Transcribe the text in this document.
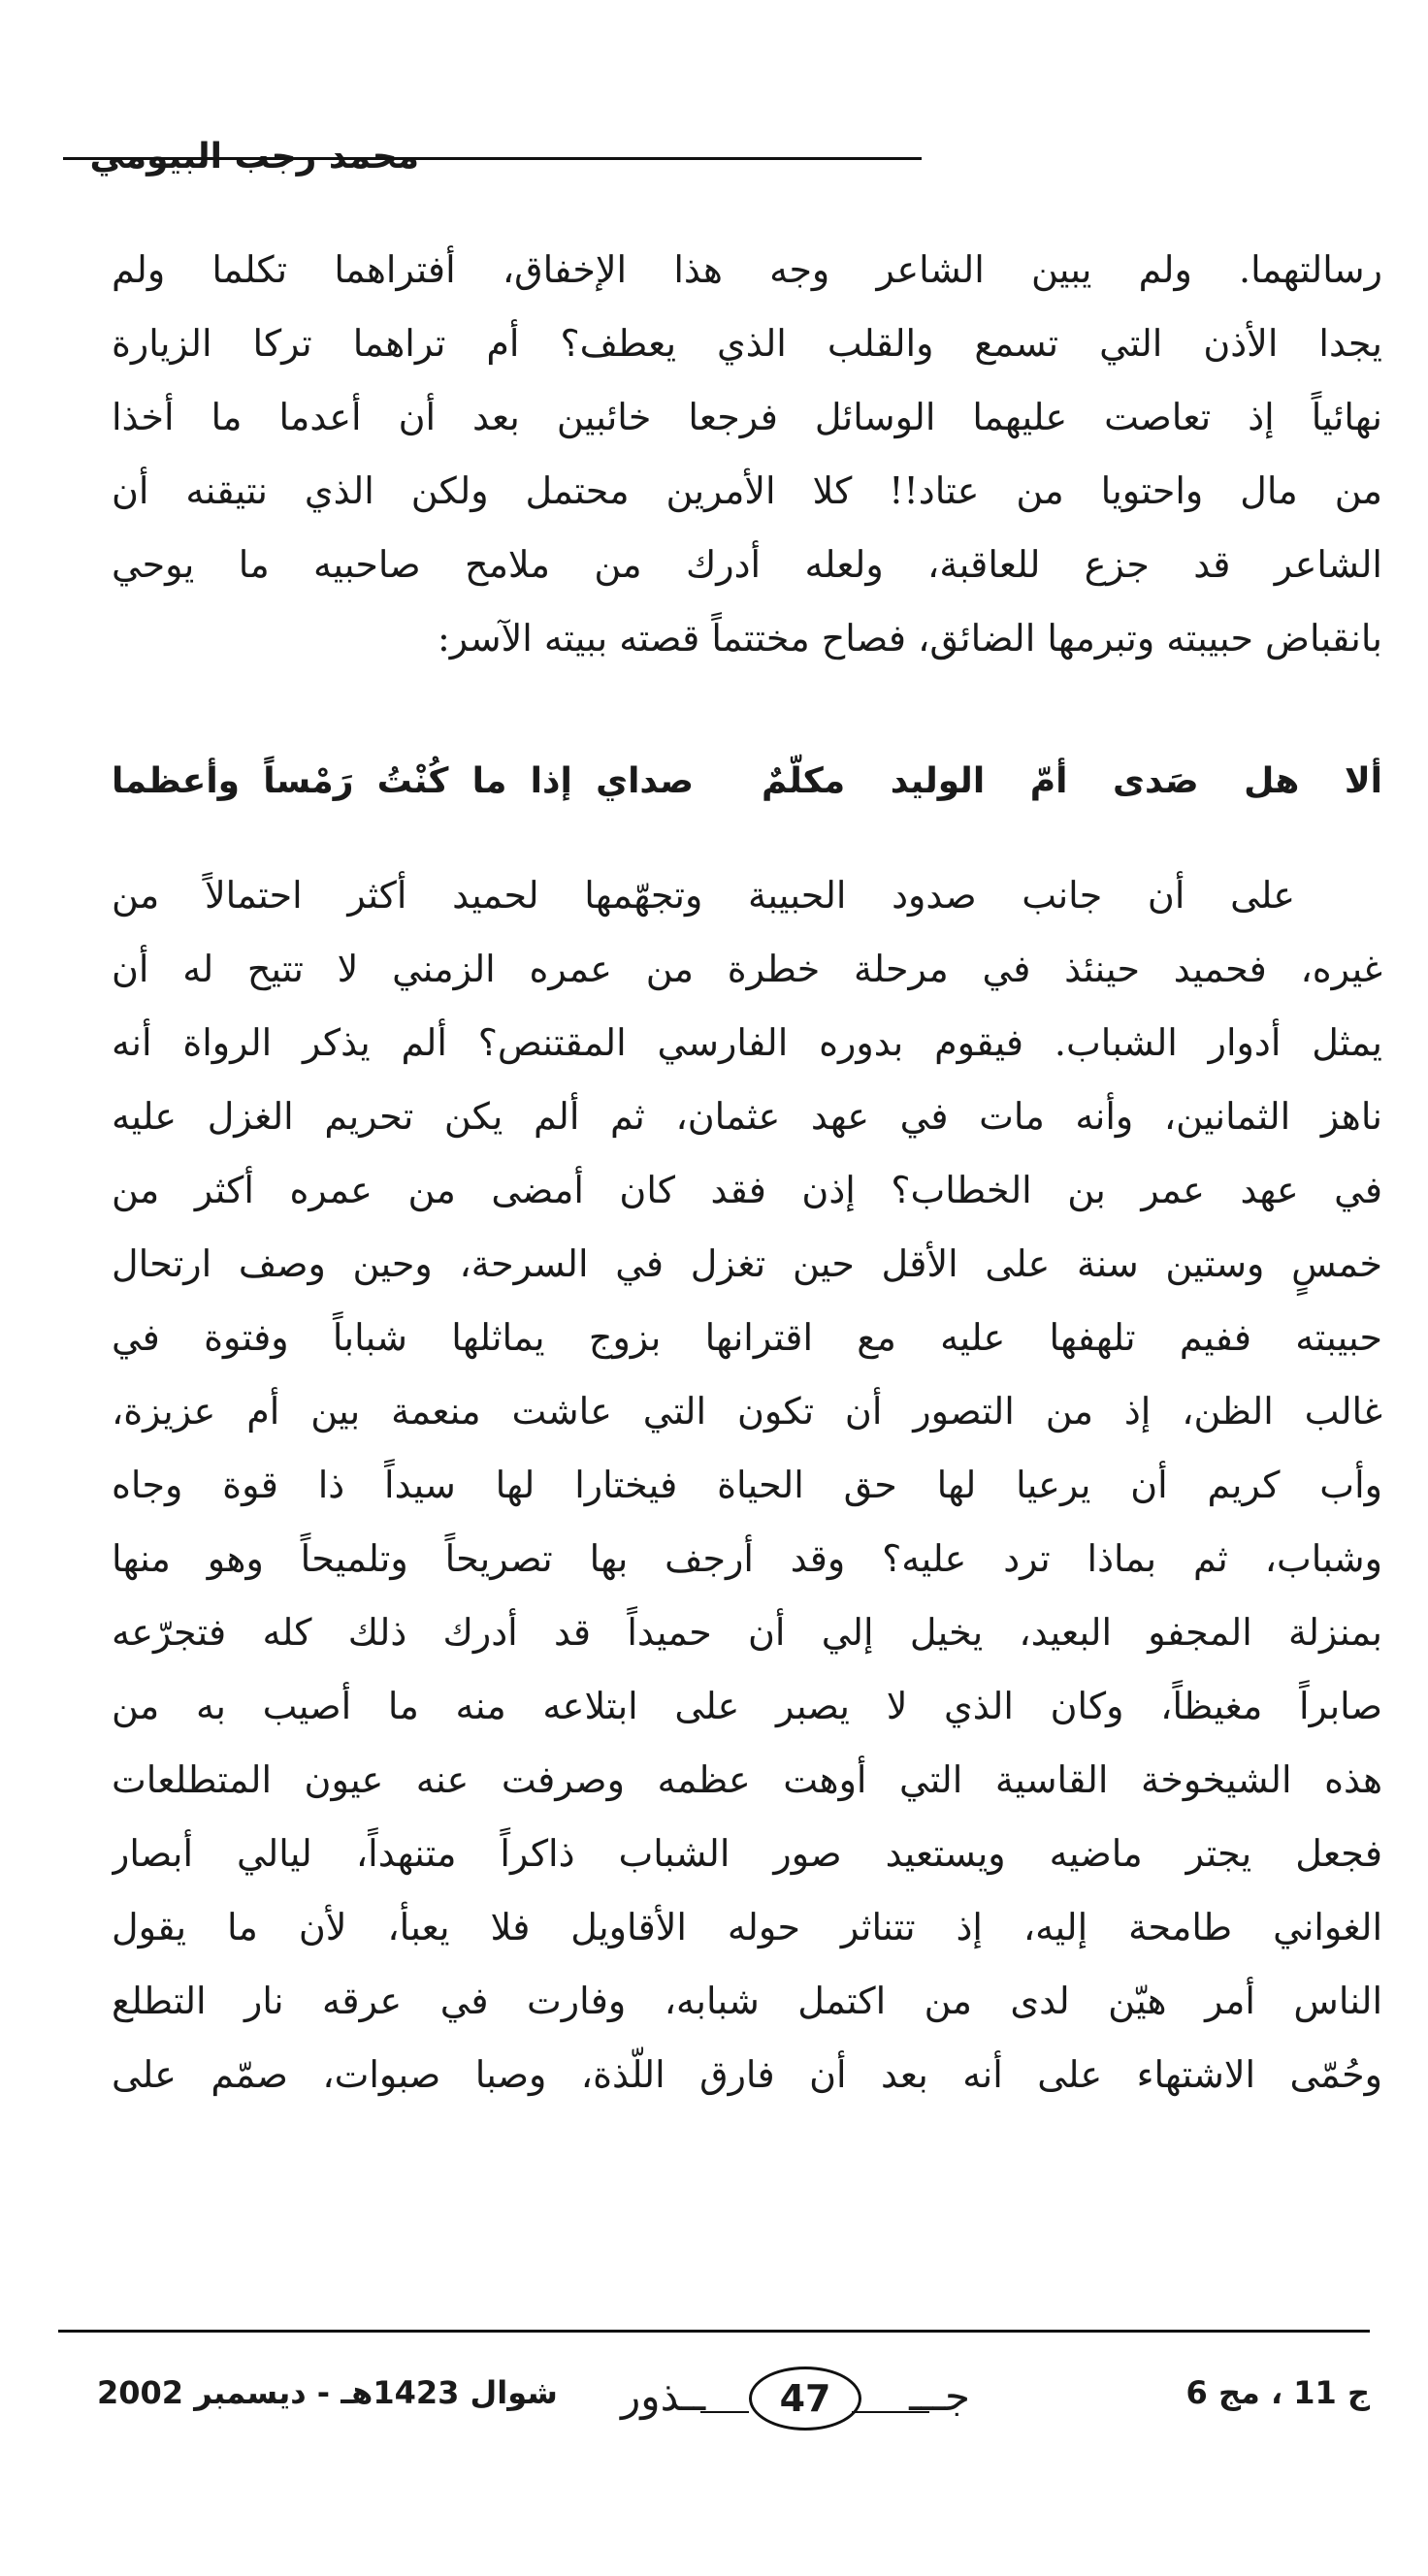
محمد رجب البيومي
رسالتهما. ولم يبين الشاعر وجه هذا الإخفاق، أفتراهما تكلما ولم
يجدا الأذن التي تسمع والقلب الذي يعطف؟ أم تراهما تركا الزيارة
نهائياً إذ تعاصت عليهما الوسائل فرجعا خائبين بعد أن أعدما ما أخذا
من مال واحتويا من عتاد!! كلا الأمرين محتمل ولكن الذي نتيقنه أن
الشاعر قد جزع للعاقبة، ولعله أدرك من ملامح صاحبيه ما يوحي
بانقباض حبيبته وتبرمها الضائق، فصاح مختتماً قصته ببيته الآسر:
ألا هل صَدى أمّ الوليد مكلّمٌ
صداي إذا ما كُنْتُ رَمْساً وأعظما
على أن جانب صدود الحبيبة وتجهّمها لحميد أكثر احتمالاً من
غيره، فحميد حينئذ في مرحلة خطرة من عمره الزمني لا تتيح له أن
يمثل أدوار الشباب. فيقوم بدوره الفارسي المقتنص؟ ألم يذكر الرواة أنه
ناهز الثمانين، وأنه مات في عهد عثمان، ثم ألم يكن تحريم الغزل عليه
في عهد عمر بن الخطاب؟ إذن فقد كان أمضى من عمره أكثر من
خمسٍ وستين سنة على الأقل حين تغزل في السرحة، وحين وصف ارتحال
حبيبته ففيم تلهفها عليه مع اقترانها بزوج يماثلها شباباً وفتوة في
غالب الظن، إذ من التصور أن تكون التي عاشت منعمة بين أم عزيزة،
وأب كريم أن يرعيا لها حق الحياة فيختارا لها سيداً ذا قوة وجاه
وشباب، ثم بماذا ترد عليه؟ وقد أرجف بها تصريحاً وتلميحاً وهو منها
بمنزلة المجفو البعيد، يخيل إلي أن حميداً قد أدرك ذلك كله فتجرّعه
صابراً مغيظاً، وكان الذي لا يصبر على ابتلاعه منه ما أصيب به من
هذه الشيخوخة القاسية التي أوهت عظمه وصرفت عنه عيون المتطلعات
فجعل يجتر ماضيه ويستعيد صور الشباب ذاكراً متنهداً، ليالي أبصار
الغواني طامحة إليه، إذ تتناثر حوله الأقاويل فلا يعبأ، لأن ما يقول
الناس أمر هيّن لدى من اكتمل شبابه، وفارت في عرقه نار التطلع
وحُمّى الاشتهاء على أنه بعد أن فارق اللّذة، وصبا صبوات، صمّم على
ج 11 ، مج 6
جـــ
47
ــذور
شوال 1423هـ - ديسمبر 2002
